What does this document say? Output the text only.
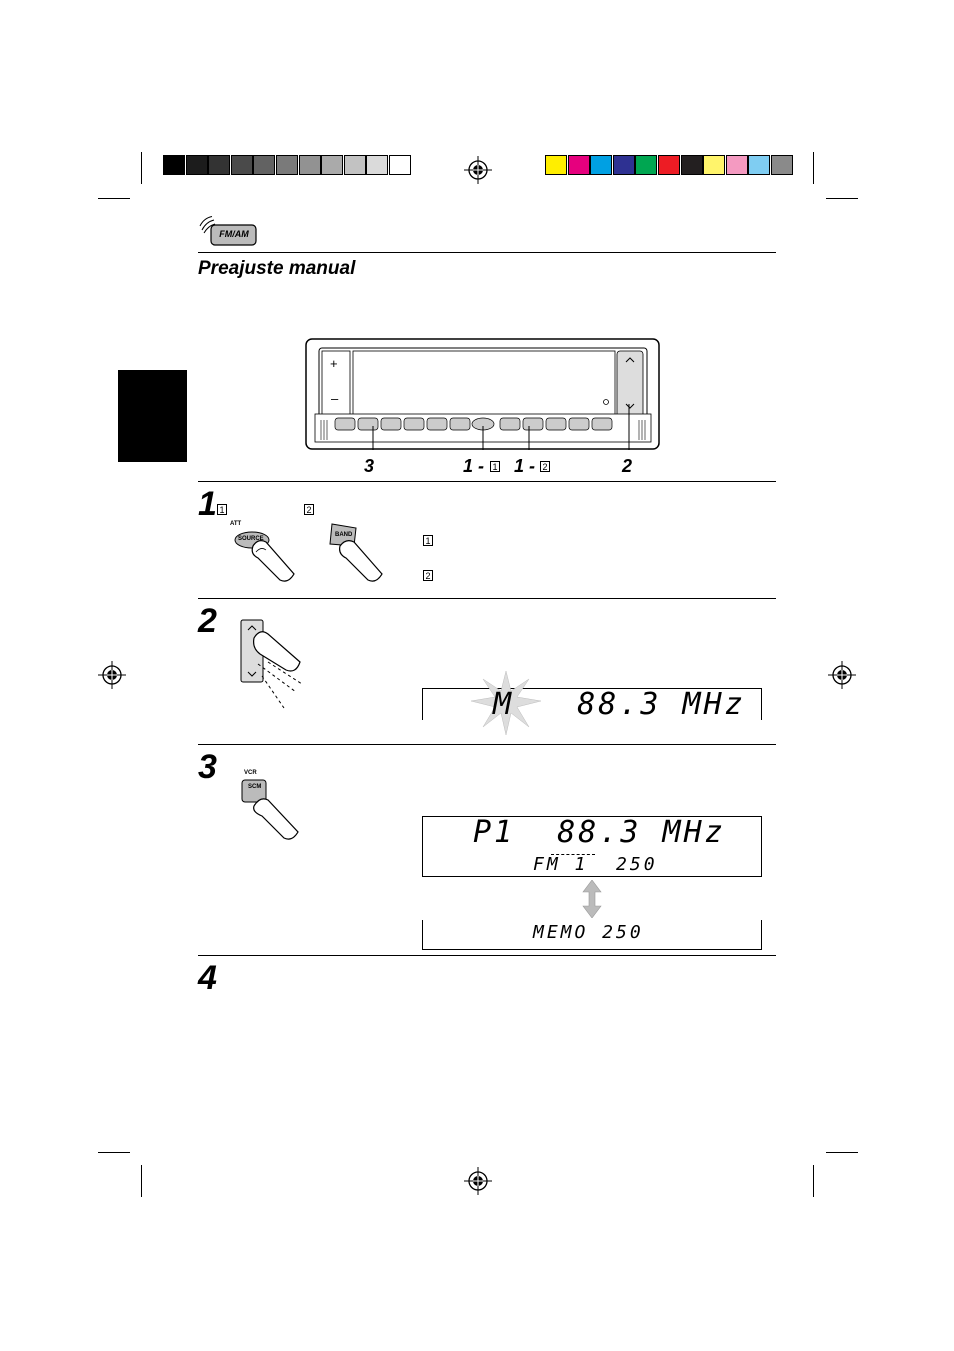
FM/AM
Preajuste manual
+
–
3	1 - 1 1 - 2	2
1 1	2
ATT
SOURCE
BAND
1
2
2
M   88.3 MHz
3	VCR
SCM
P1  88.3 MHz
FM 1  250
MEMO 250
4
